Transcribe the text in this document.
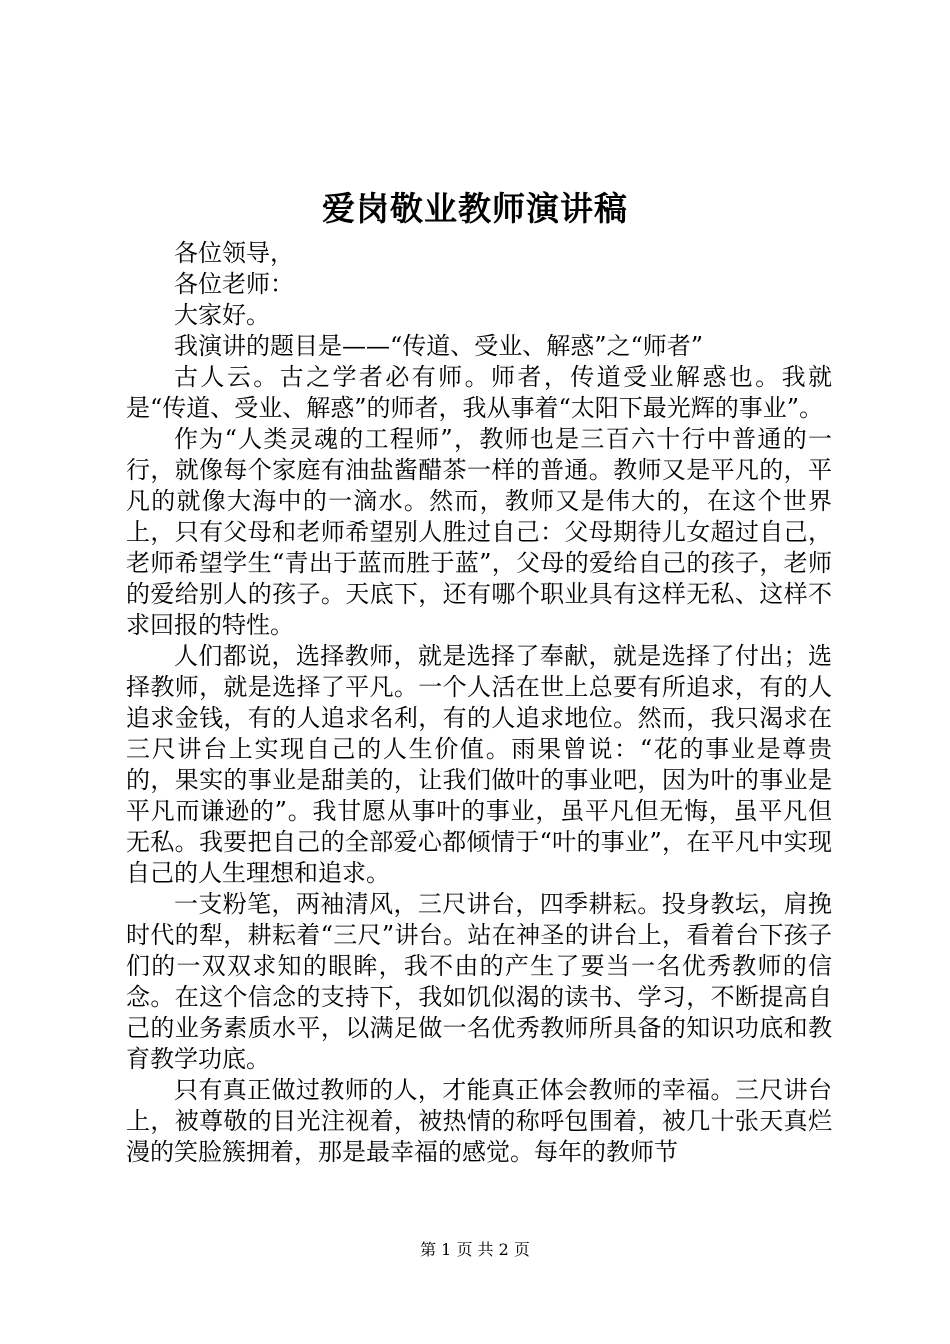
爱岗敬业教师演讲稿

各位领导，

各位老师：

大家好。

我演讲的题目是——“传道、受业、解惑”之“师者”

古人云。古之学者必有师。师者，传道受业解惑也。我就是“传道、受业、解惑”的师者，我从事着“太阳下最光辉的事业”。

作为“人类灵魂的工程师”，教师也是三百六十行中普通的一行，就像每个家庭有油盐酱醋茶一样的普通。教师又是平凡的，平凡的就像大海中的一滴水。然而，教师又是伟大的，在这个世界上，只有父母和老师希望别人胜过自己：父母期待儿女超过自己，老师希望学生“青出于蓝而胜于蓝”，父母的爱给自己的孩子，老师的爱给别人的孩子。天底下，还有哪个职业具有这样无私、这样不求回报的特性。

人们都说，选择教师，就是选择了奉献，就是选择了付出；选择教师，就是选择了平凡。一个人活在世上总要有所追求，有的人追求金钱，有的人追求名利，有的人追求地位。然而，我只渴求在三尺讲台上实现自己的人生价值。雨果曾说：“花的事业是尊贵的，果实的事业是甜美的，让我们做叶的事业吧，因为叶的事业是平凡而谦逊的”。我甘愿从事叶的事业，虽平凡但无悔，虽平凡但无私。我要把自己的全部爱心都倾情于“叶的事业”，在平凡中实现自己的人生理想和追求。

一支粉笔，两袖清风，三尺讲台，四季耕耘。投身教坛，肩挽时代的犁，耕耘着“三尺”讲台。站在神圣的讲台上，看着台下孩子们的一双双求知的眼眸，我不由的产生了要当一名优秀教师的信念。在这个信念的支持下，我如饥似渴的读书、学习，不断提高自己的业务素质水平，以满足做一名优秀教师所具备的知识功底和教育教学功底。

只有真正做过教师的人，才能真正体会教师的幸福。三尺讲台上，被尊敬的目光注视着，被热情的称呼包围着，被几十张天真烂漫的笑脸簇拥着，那是最幸福的感觉。每年的教师节

第 1 页 共 2 页
